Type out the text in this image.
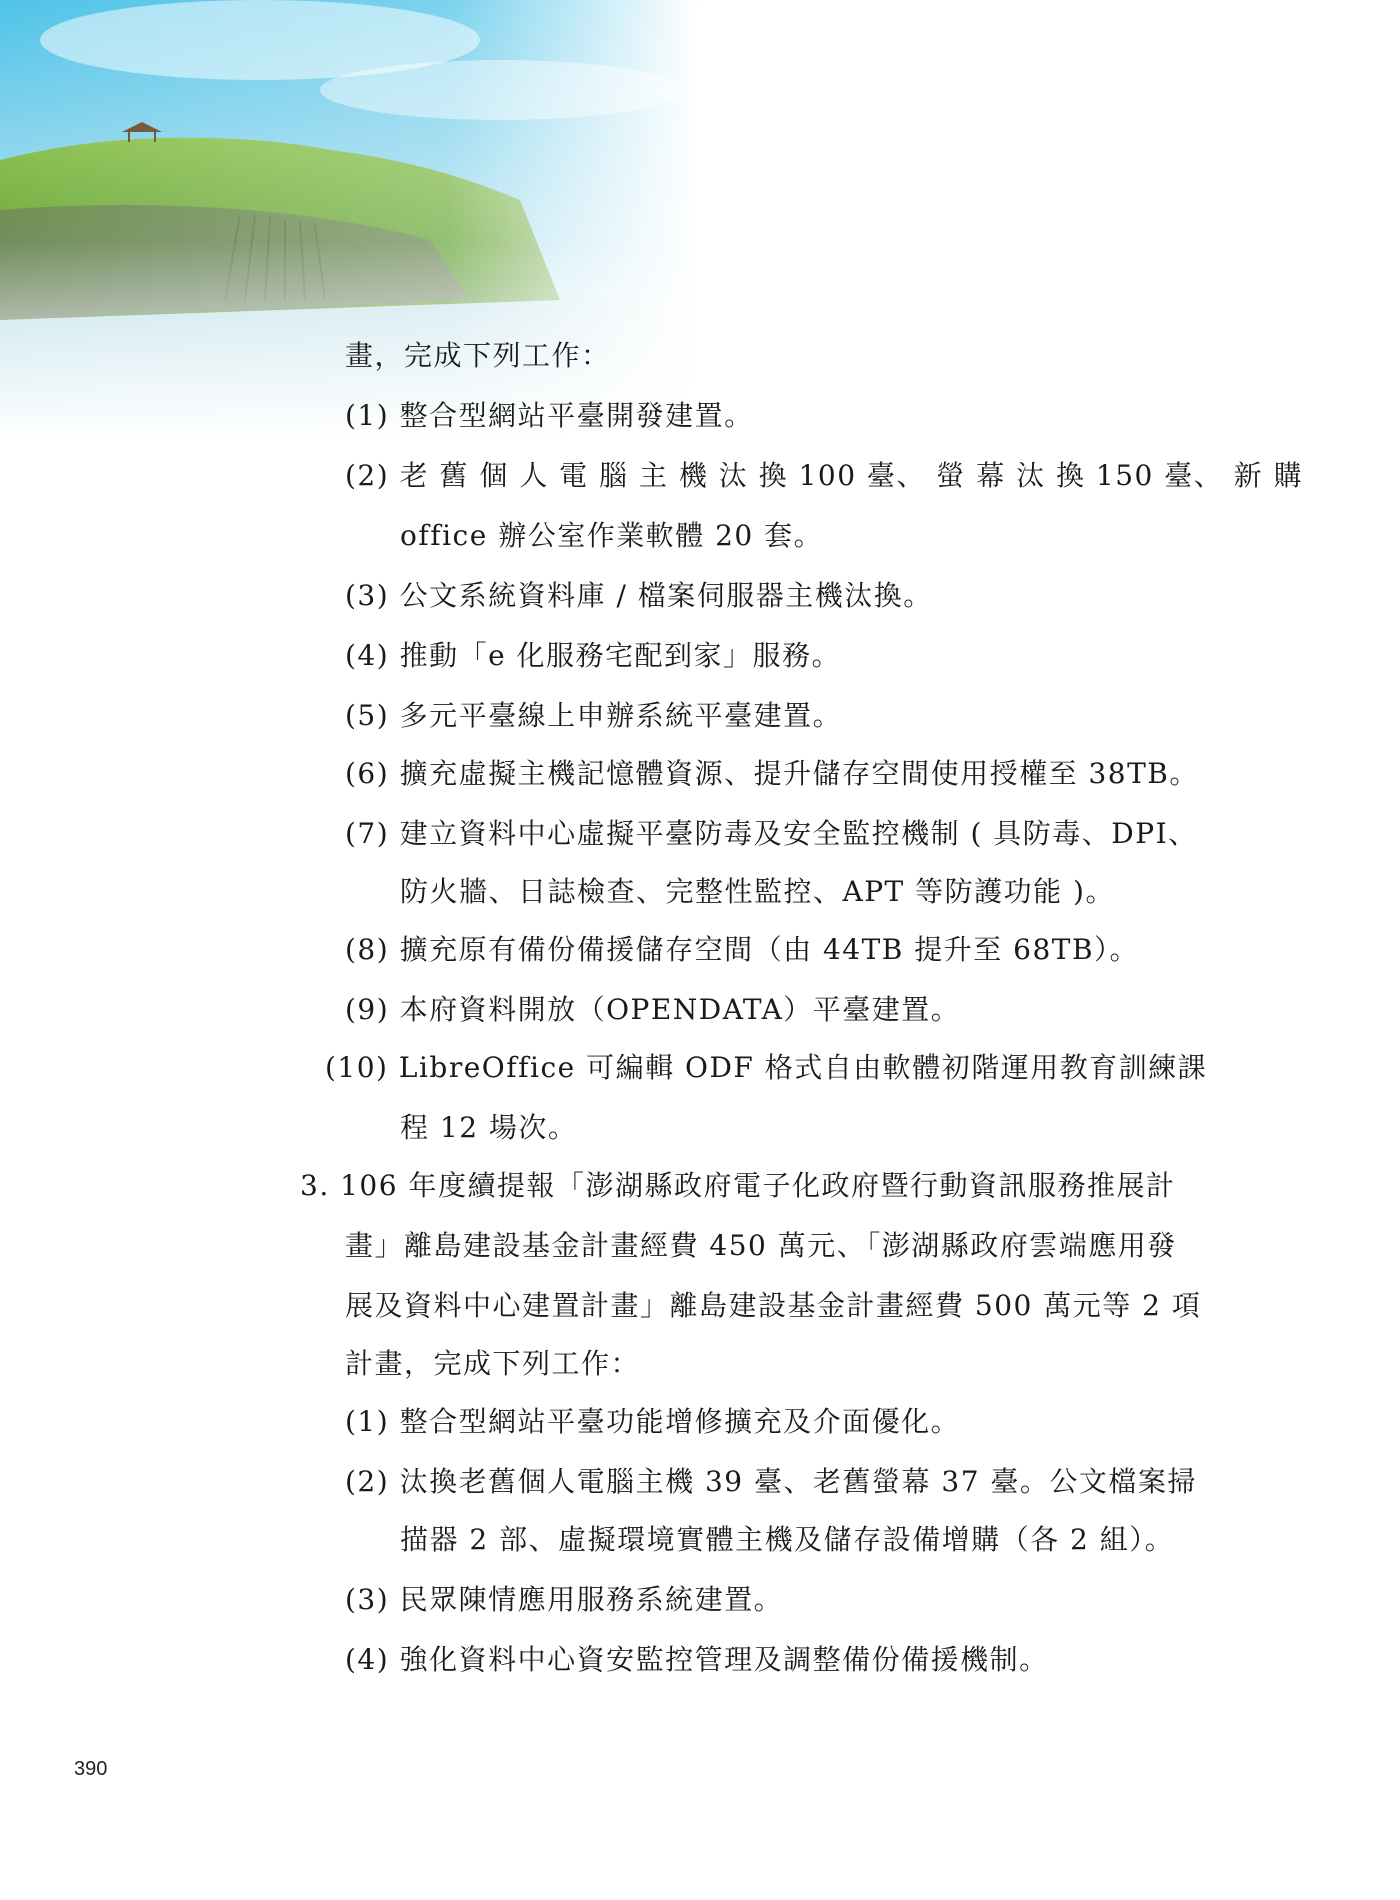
畫，完成下列工作：
(1) 整合型網站平臺開發建置。
(2) 老 舊 個 人 電 腦 主 機 汰 換 100 臺、 螢 幕 汰 換 150 臺、 新 購
office 辦公室作業軟體 20 套。
(3) 公文系統資料庫 / 檔案伺服器主機汰換。
(4) 推動「e 化服務宅配到家」服務。
(5) 多元平臺線上申辦系統平臺建置。
(6) 擴充虛擬主機記憶體資源、提升儲存空間使用授權至 38TB。
(7) 建立資料中心虛擬平臺防毒及安全監控機制 ( 具防毒、DPI、
防火牆、日誌檢查、完整性監控、APT 等防護功能 )。
(8) 擴充原有備份備援儲存空間（由 44TB 提升至 68TB）。
(9) 本府資料開放（OPENDATA）平臺建置。
(10) LibreOffice 可編輯 ODF 格式自由軟體初階運用教育訓練課
程 12 場次。
3. 106 年度續提報「澎湖縣政府電子化政府暨行動資訊服務推展計
畫」離島建設基金計畫經費 450 萬元、「澎湖縣政府雲端應用發
展及資料中心建置計畫」離島建設基金計畫經費 500 萬元等 2 項
計畫，完成下列工作：
(1) 整合型網站平臺功能增修擴充及介面優化。
(2) 汰換老舊個人電腦主機 39 臺、老舊螢幕 37 臺。公文檔案掃
描器 2 部、虛擬環境實體主機及儲存設備增購（各 2 組）。
(3) 民眾陳情應用服務系統建置。
(4) 強化資料中心資安監控管理及調整備份備援機制。
390
